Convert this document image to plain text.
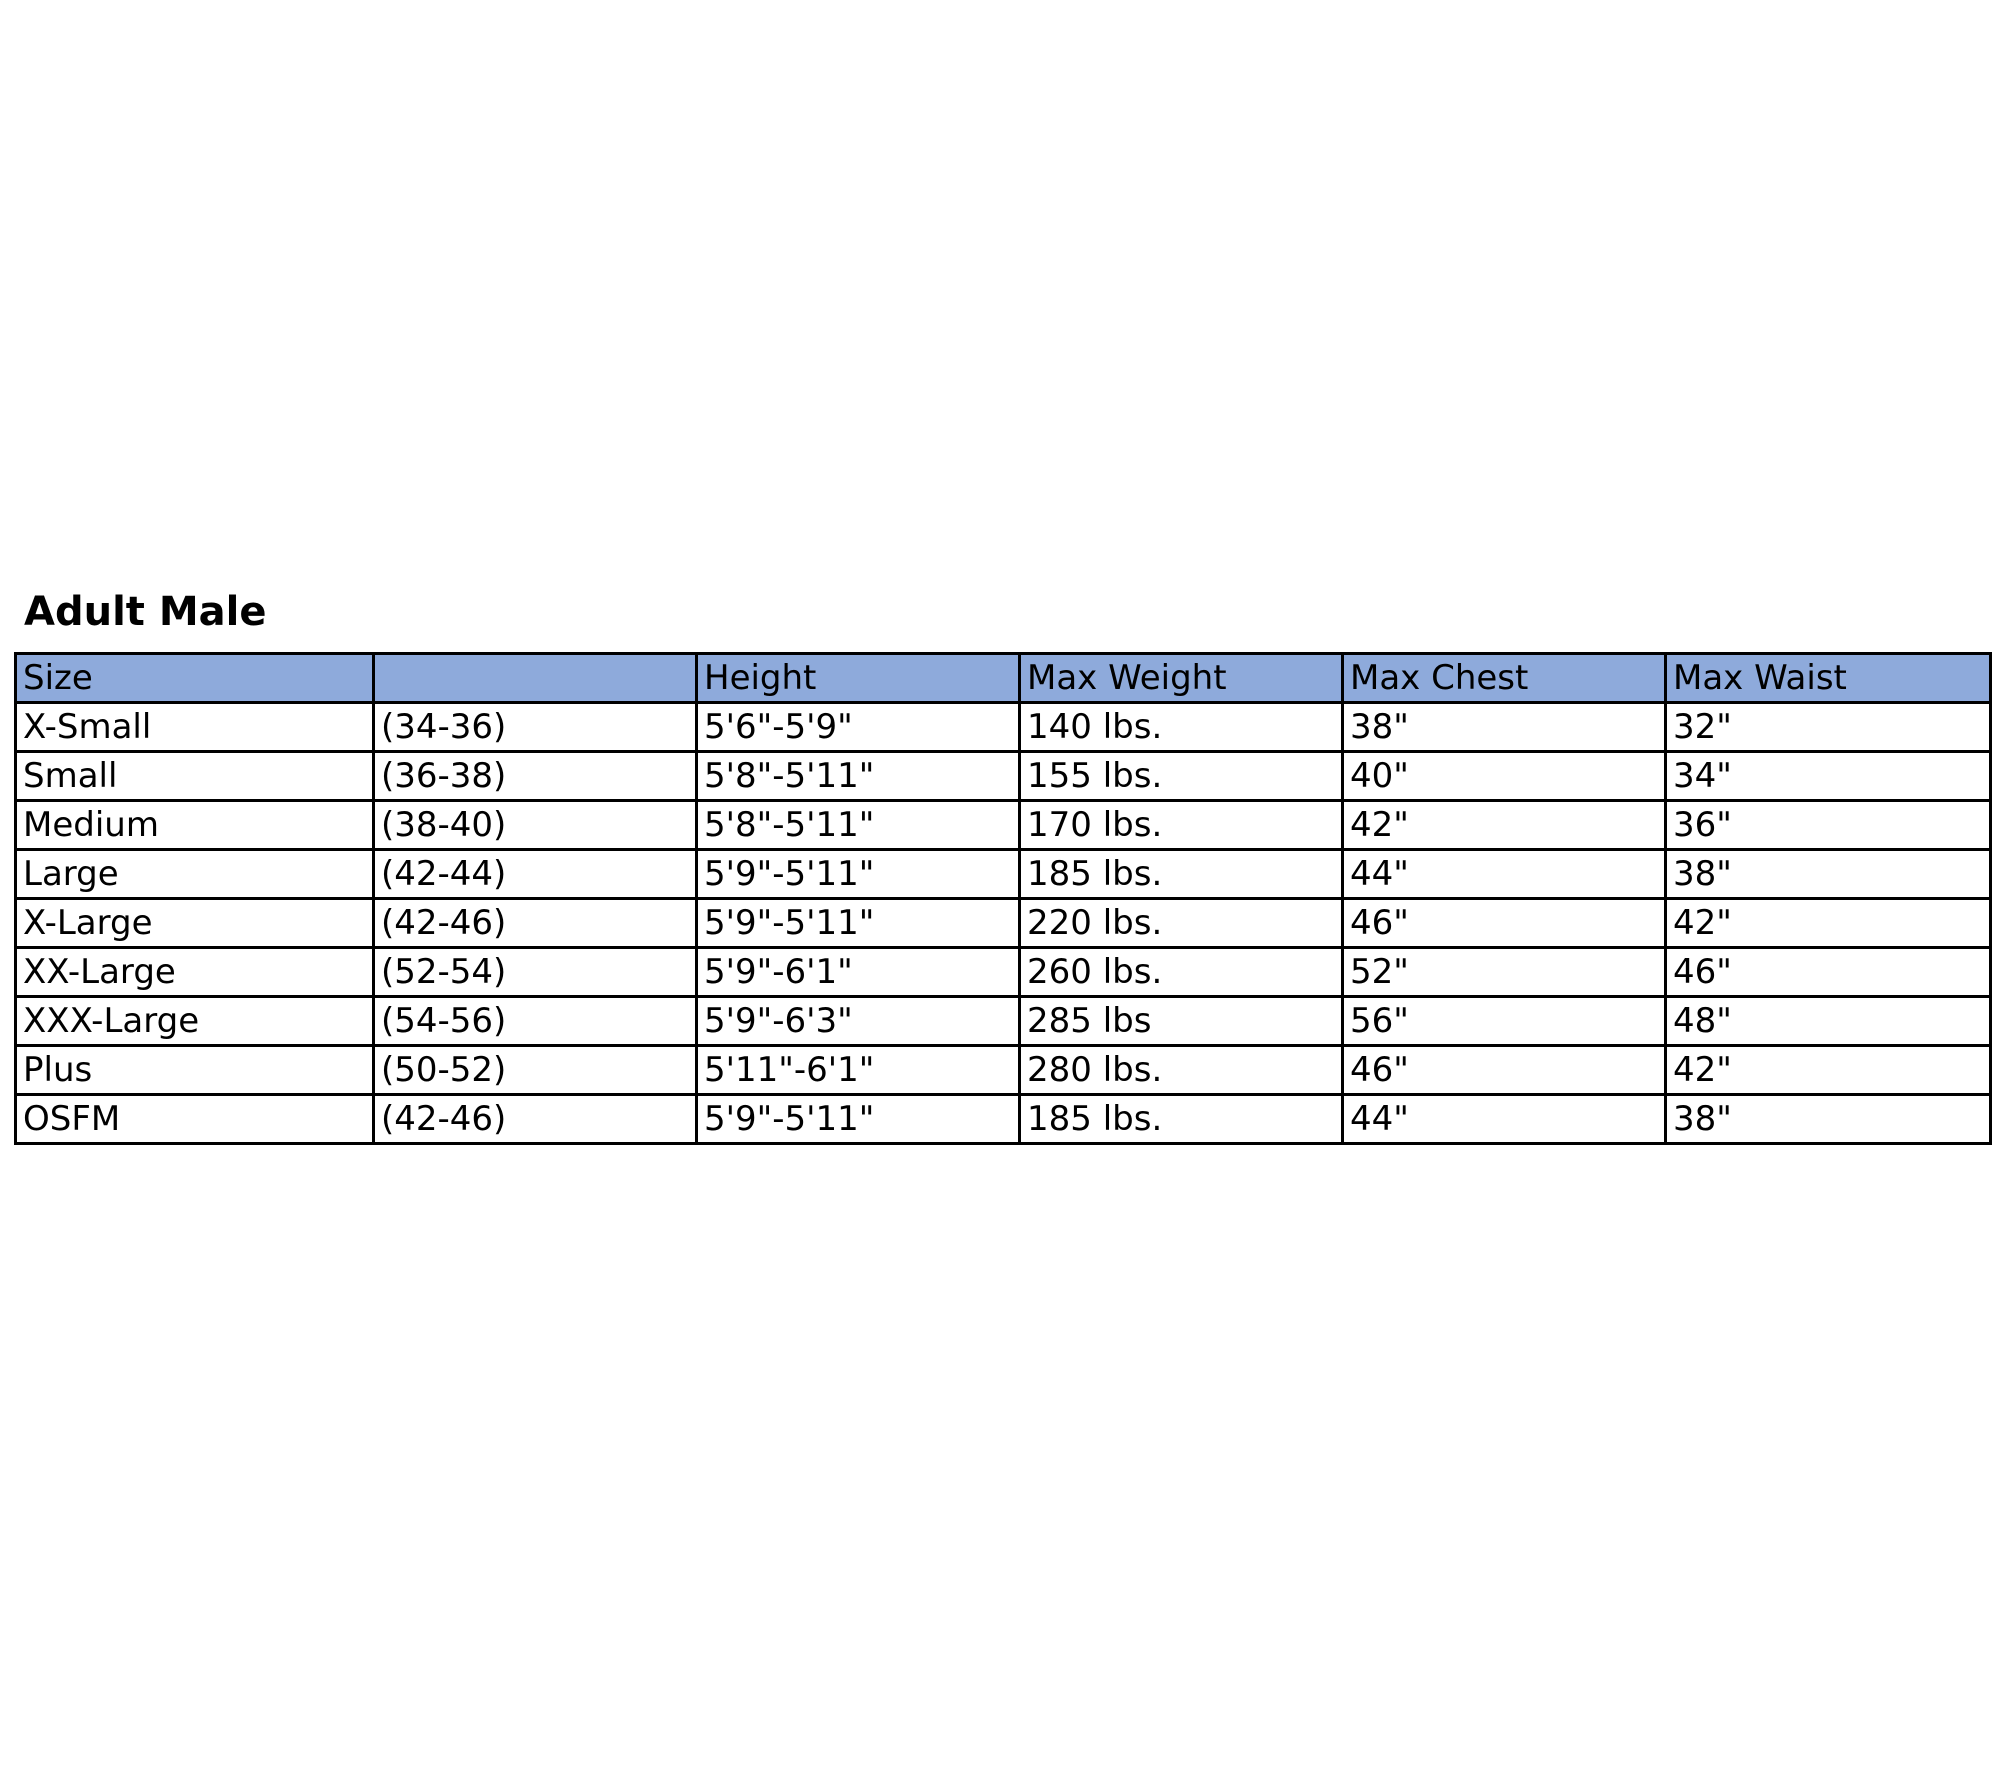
Adult Male
Size		Height	Max Weight	Max Chest	Max Waist
X-Small	(34-36)	5'6"-5'9"	140 lbs.	38"	32"
Small	(36-38)	5'8"-5'11"	155 lbs.	40"	34"
Medium	(38-40)	5'8"-5'11"	170 lbs.	42"	36"
Large	(42-44)	5'9"-5'11"	185 lbs.	44"	38"
X-Large	(42-46)	5'9"-5'11"	220 lbs.	46"	42"
XX-Large	(52-54)	5'9"-6'1"	260 lbs.	52"	46"
XXX-Large	(54-56)	5'9"-6'3"	285 lbs	56"	48"
Plus	(50-52)	5'11"-6'1"	280 lbs.	46"	42"
OSFM	(42-46)	5'9"-5'11"	185 lbs.	44"	38"
